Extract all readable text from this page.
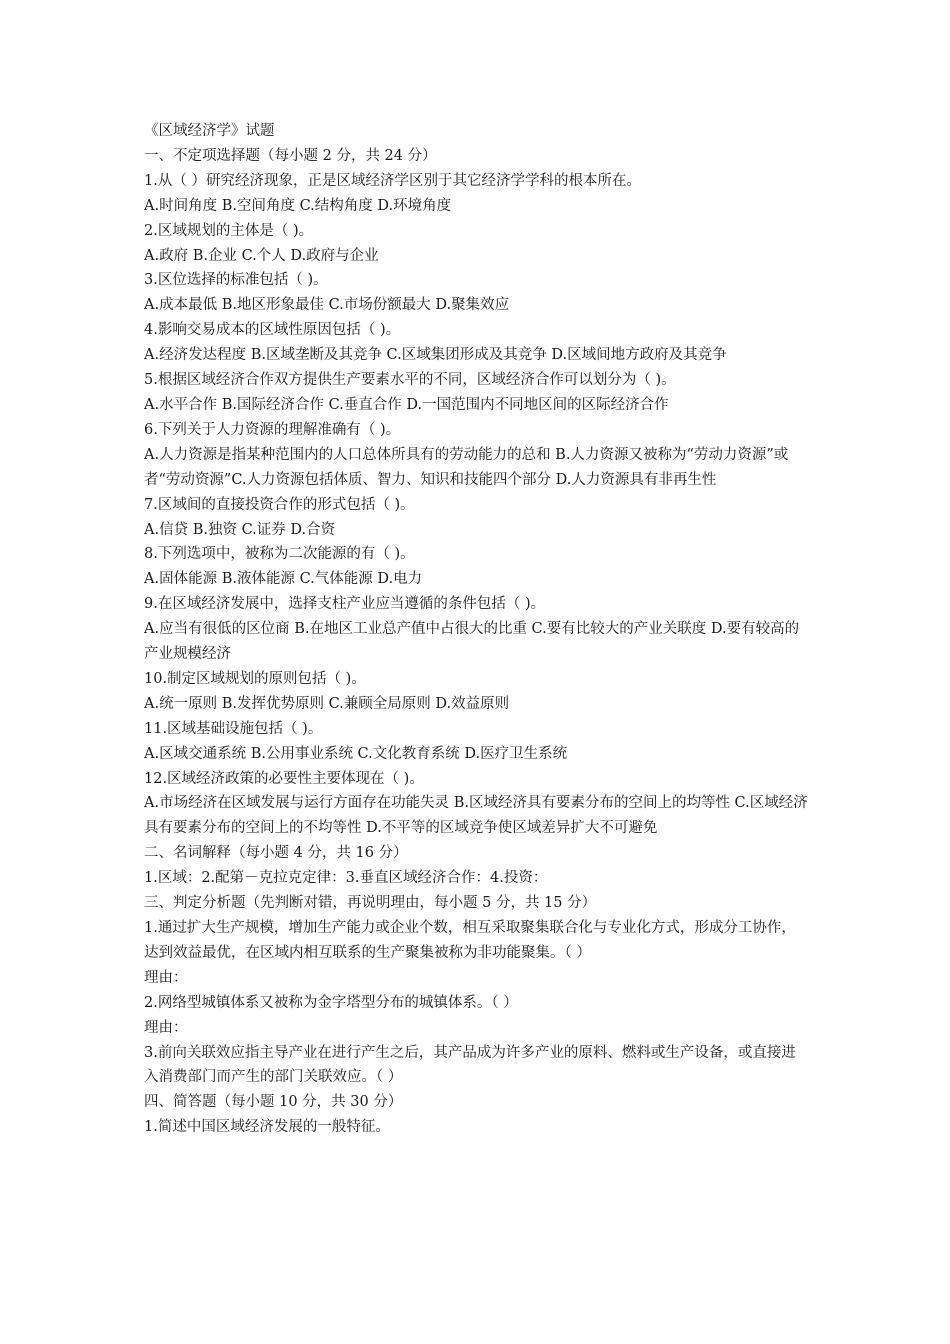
《区域经济学》试题

一、不定项选择题（每小题 2 分，共 24 分）

1.从（ ）研究经济现象，正是区域经济学区别于其它经济学学科的根本所在。

A.时间角度 B.空间角度 C.结构角度 D.环境角度

2.区域规划的主体是（ )。

A.政府 B.企业 C.个人 D.政府与企业

3.区位选择的标准包括（ )。

A.成本最低 B.地区形象最佳 C.市场份额最大 D.聚集效应

4.影响交易成本的区域性原因包括（ )。

A.经济发达程度 B.区域垄断及其竞争 C.区域集团形成及其竞争 D.区域间地方政府及其竞争

5.根据区域经济合作双方提供生产要素水平的不同，区域经济合作可以划分为（ )。

A.水平合作 B.国际经济合作 C.垂直合作 D.一国范围内不同地区间的区际经济合作

6.下列关于人力资源的理解准确有（ )。

A.人力资源是指某种范围内的人口总体所具有的劳动能力的总和 B.人力资源又被称为“劳动力资源”或者“劳动资源”C.人力资源包括体质、智力、知识和技能四个部分 D.人力资源具有非再生性

7.区域间的直接投资合作的形式包括（ )。

A.信贷 B.独资 C.证券 D.合资

8.下列选项中，被称为二次能源的有（ )。

A.固体能源 B.液体能源 C.气体能源 D.电力

9.在区域经济发展中，选择支柱产业应当遵循的条件包括（ )。

A.应当有很低的区位商 B.在地区工业总产值中占很大的比重 C.要有比较大的产业关联度 D.要有较高的产业规模经济

10.制定区域规划的原则包括（ )。

A.统一原则 B.发挥优势原则 C.兼顾全局原则 D.效益原则

11.区域基础设施包括（ )。

A.区域交通系统 B.公用事业系统 C.文化教育系统 D.医疗卫生系统

12.区域经济政策的必要性主要体现在（ )。

A.市场经济在区域发展与运行方面存在功能失灵 B.区域经济具有要素分布的空间上的均等性 C.区域经济具有要素分布的空间上的不均等性 D.不平等的区域竞争使区域差异扩大不可避免

二、名词解释（每小题 4 分，共 16 分）

1.区域：2.配第－克拉克定律：3.垂直区域经济合作：4.投资：

三、判定分析题（先判断对错，再说明理由，每小题 5 分，共 15 分）

1.通过扩大生产规模，增加生产能力或企业个数，相互采取聚集联合化与专业化方式，形成分工协作，达到效益最优，在区域内相互联系的生产聚集被称为非功能聚集。（ ）

理由：

2.网络型城镇体系又被称为金字塔型分布的城镇体系。（ ）

理由：

3.前向关联效应指主导产业在进行产生之后，其产品成为许多产业的原料、燃料或生产设备，或直接进入消费部门而产生的部门关联效应。（ ）

四、简答题（每小题 10 分，共 30 分）

1.简述中国区域经济发展的一般特征。
